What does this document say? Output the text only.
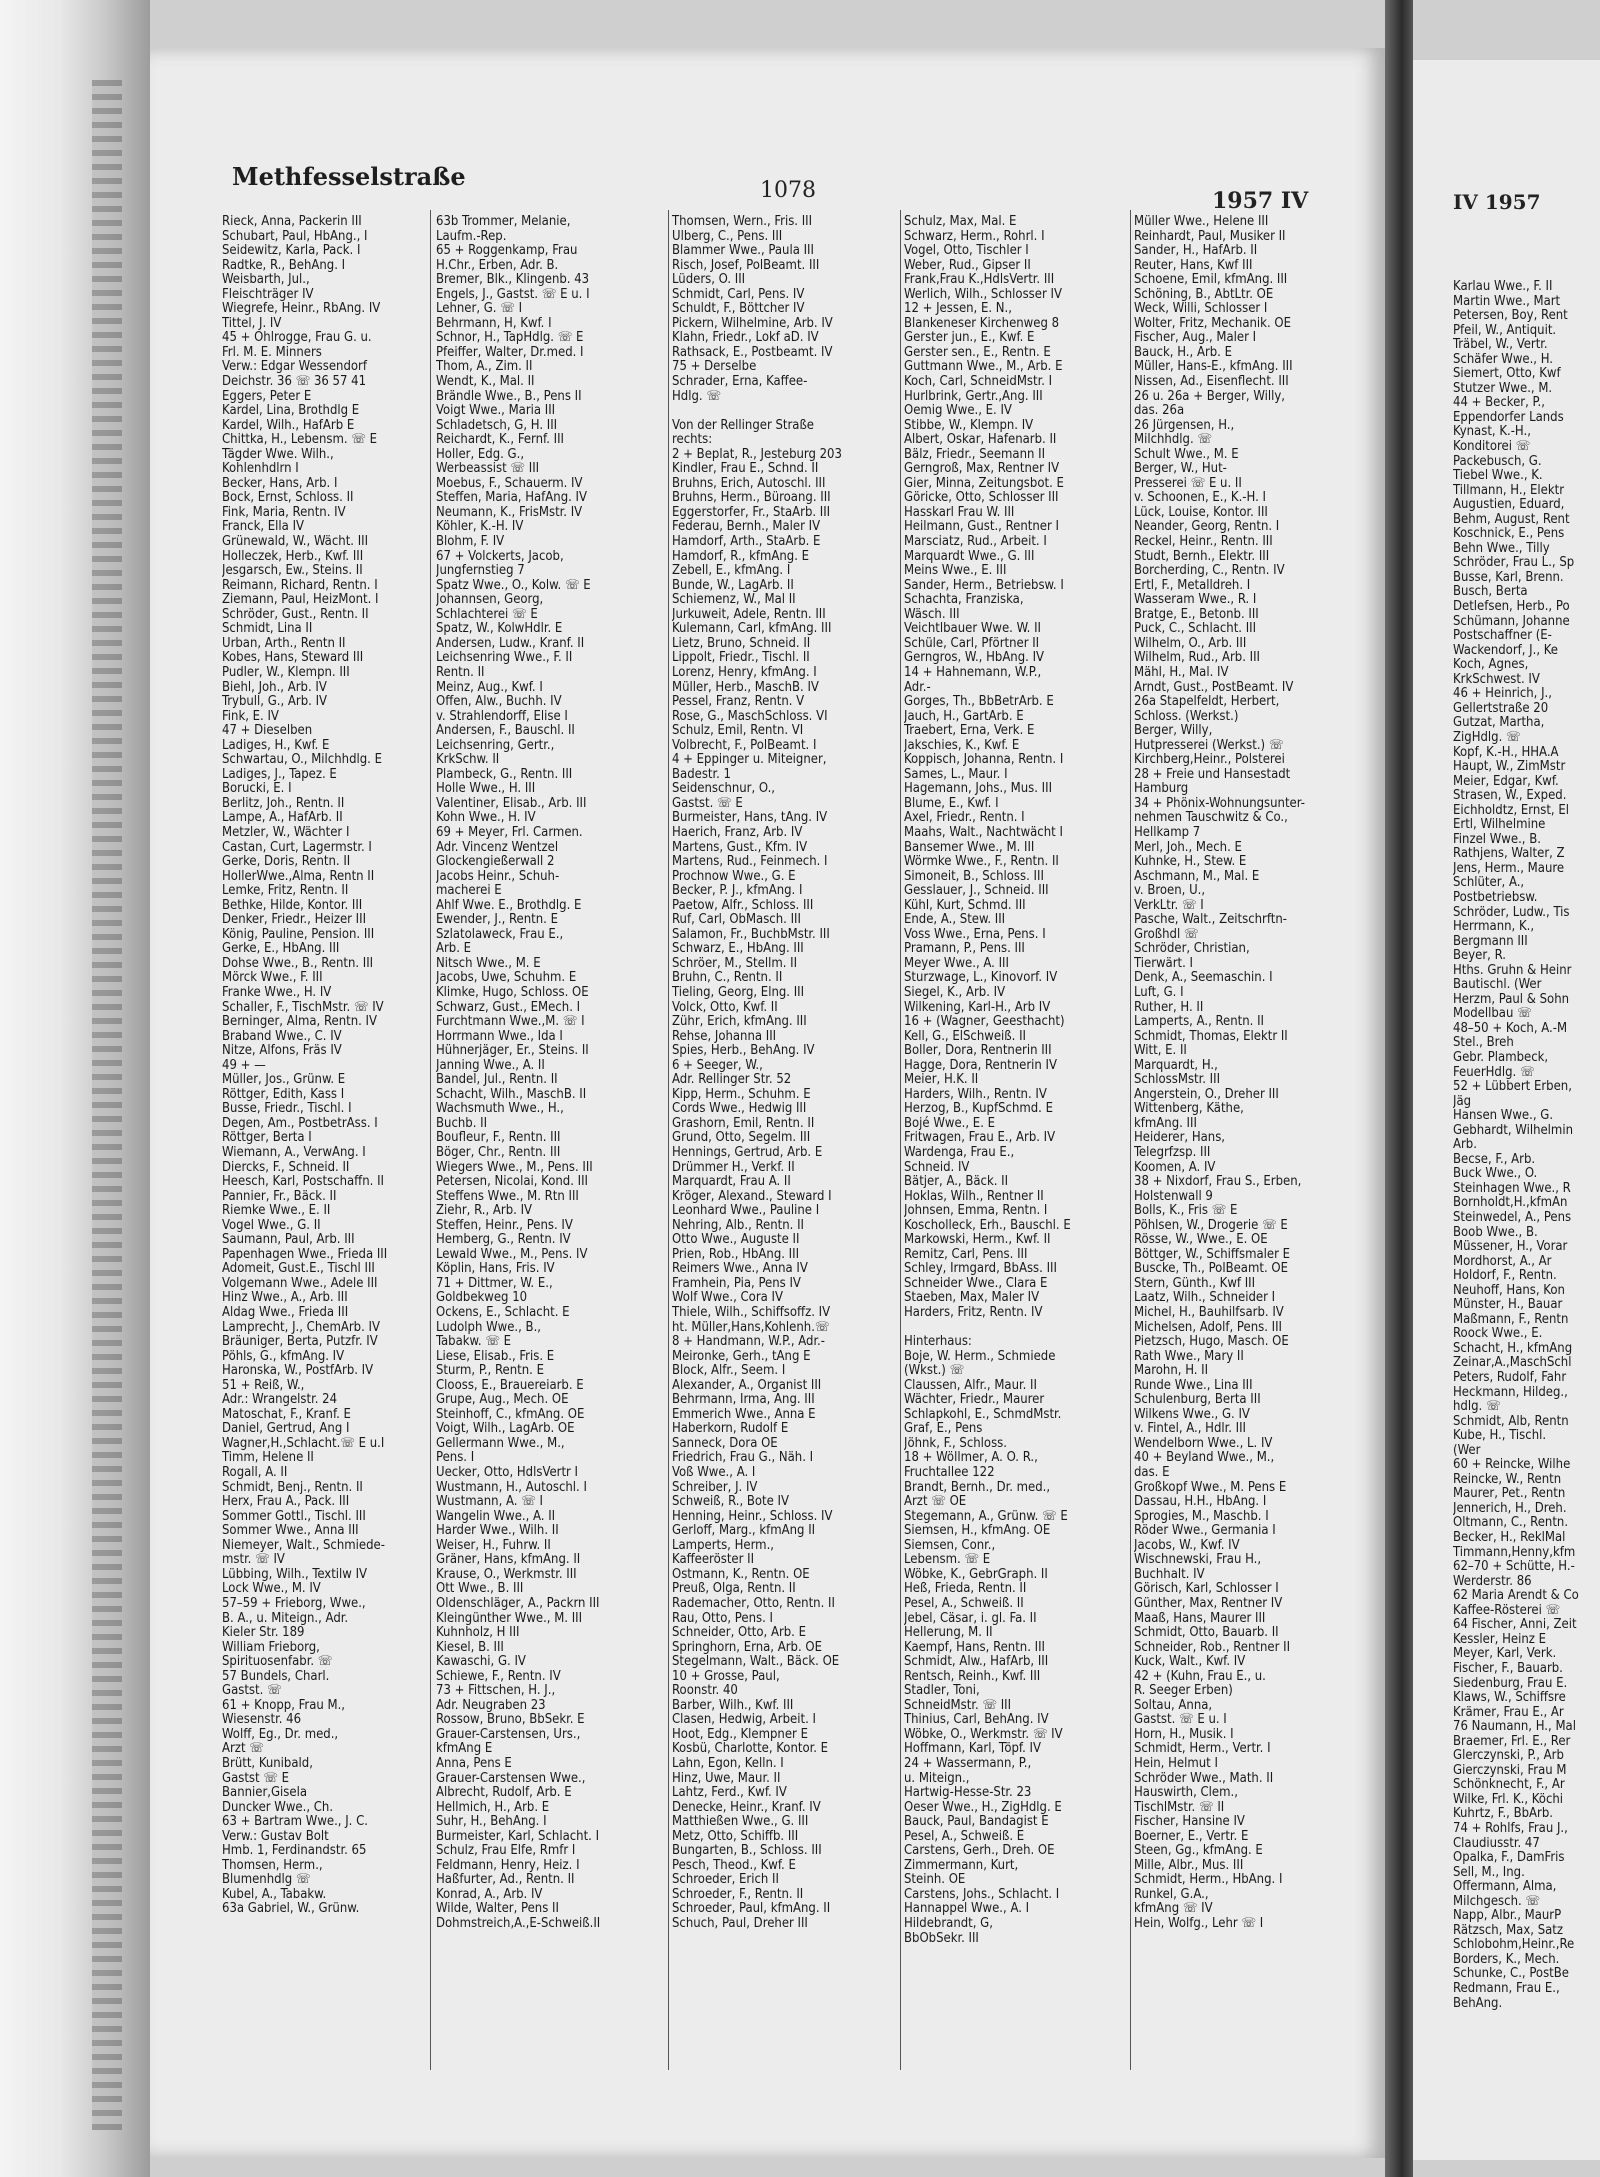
IV 1957
Karlau Wwe., F. II
Martin Wwe., Mart
Petersen, Boy, Rent
Pfeil, W., Antiquit.
Träbel, W., Vertr.
Schäfer Wwe., H.
Siemert, Otto, Kwf
Stutzer Wwe., M.
44 + Becker, P.,
Eppendorfer Lands
Kynast, K.-H.,
Konditorei ☏
Packebusch, G.
Tiebel Wwe., K.
Tillmann, H., Elektr
Augustien, Eduard,
Behm, August, Rent
Koschnick, E., Pens
Behn Wwe., Tilly
Schröder, Frau L., Sp
Busse, Karl, Brenn.
Busch, Berta
Detlefsen, Herb., Po
Schümann, Johanne
Postschaffner (E-
Wackendorf, J., Ke
Koch, Agnes,
KrkSchwest. IV
46 + Heinrich, J.,
Gellertstraße 20
Gutzat, Martha,
ZigHdlg. ☏
Kopf, K.-H., HHA.A
Haupt, W., ZimMstr
Meier, Edgar, Kwf.
Strasen, W., Exped.
Eichholdtz, Ernst, El
Ertl, Wilhelmine
Finzel Wwe., B.
Rathjens, Walter, Z
Jens, Herm., Maure
Schlüter, A.,
Postbetriebsw.
Schröder, Ludw., Tis
Herrmann, K.,
Bergmann III
Beyer, R.
Hths. Gruhn & Heinr
Bautischl. (Wer
Herzm, Paul & Sohn
Modellbau ☏
48–50 + Koch, A.-M
Stel., Breh
Gebr. Plambeck,
FeuerHdlg. ☏
52 + Lübbert Erben,
Jäg
Hansen Wwe., G.
Gebhardt, Wilhelmin
Arb.
Becse, F., Arb.
Buck Wwe., O.
Steinhagen Wwe., R
Bornholdt,H.,kfmAn
Steinwedel, A., Pens
Boob Wwe., B.
Müssener, H., Vorar
Mordhorst, A., Ar
Holdorf, F., Rentn.
Neuhoff, Hans, Kon
Münster, H., Bauar
Maßmann, F., Rentn
Roock Wwe., E.
Schacht, H., kfmAng
Zeinar,A.,MaschSchl
Peters, Rudolf, Fahr
Heckmann, Hildeg.,
hdlg. ☏
Schmidt, Alb, Rentn
Kube, H., Tischl.
(Wer
60 + Reincke, Wilhe
Reincke, W., Rentn
Maurer, Pet., Rentn
Jennerich, H., Dreh.
Oltmann, C., Rentn.
Becker, H., ReklMal
Timmann,Henny,kfm
62–70 + Schütte, H.-
Werderstr. 86
62 Maria Arendt & Co
Kaffee-Rösterei ☏
64 Fischer, Anni, Zeit
Kessler, Heinz E
Meyer, Karl, Verk.
Fischer, F., Bauarb.
Siedenburg, Frau E.
Klaws, W., Schiffsre
Krämer, Frau E., Ar
76 Naumann, H., Mal
Braemer, Frl. E., Rer
Glerczynski, P., Arb
Gierczynski, Frau M
Schönknecht, F., Ar
Wilke, Frl. K., Köchi
Kuhrtz, F., BbArb.
74 + Rohlfs, Frau J.,
Claudiusstr. 47
Opalka, F., DamFris
Sell, M., Ing.
Offermann, Alma,
Milchgesch. ☏
Napp, Albr., MaurP
Rätzsch, Max, Satz
Schlobohm,Heinr.,Re
Borders, K., Mech.
Schunke, C., PostBe
Redmann, Frau E.,
BehAng.
Methfesselstraße	1078	1957 IV
Rieck, Anna, Packerin III
Schubart, Paul, HbAng., I
Seidewitz, Karla, Pack. I
Radtke, R., BehAng. I
Weisbarth, Jul.,
Fleischträger IV
Wiegrefe, Heinr., RbAng. IV
Tittel, J. IV
45 + Ohlrogge, Frau G. u.
Frl. M. E. Minners
Verw.: Edgar Wessendorf
Deichstr. 36 ☏ 36 57 41
Eggers, Peter E
Kardel, Lina, Brothdlg E
Kardel, Wilh., HafArb E
Chittka, H., Lebensm. ☏ E
Tägder Wwe. Wilh.,
Kohlenhdlrn I
Becker, Hans, Arb. I
Bock, Ernst, Schloss. II
Fink, Maria, Rentn. IV
Franck, Ella IV
Grünewald, W., Wächt. III
Holleczek, Herb., Kwf. III
Jesgarsch, Ew., Steins. II
Reimann, Richard, Rentn. I
Ziemann, Paul, HeizMont. I
Schröder, Gust., Rentn. II
Schmidt, Lina II
Urban, Arth., Rentn II
Kobes, Hans, Steward III
Pudler, W., Klempn. III
Biehl, Joh., Arb. IV
Trybull, G., Arb. IV
Fink, E. IV
47 + Dieselben
Ladiges, H., Kwf. E
Schwartau, O., Milchhdlg. E
Ladiges, J., Tapez. E
Borucki, E. I
Berlitz, Joh., Rentn. II
Lampe, A., HafArb. II
Metzler, W., Wächter I
Castan, Curt, Lagermstr. I
Gerke, Doris, Rentn. II
HollerWwe.,Alma, Rentn II
Lemke, Fritz, Rentn. II
Bethke, Hilde, Kontor. III
Denker, Friedr., Heizer III
König, Pauline, Pension. III
Gerke, E., HbAng. III
Dohse Wwe., B., Rentn. III
Mörck Wwe., F. III
Franke Wwe., H. IV
Schaller, F., TischMstr. ☏ IV
Berninger, Alma, Rentn. IV
Braband Wwe., C. IV
Nitze, Alfons, Fräs IV
49 + —
Müller, Jos., Grünw. E
Röttger, Edith, Kass I
Busse, Friedr., Tischl. I
Degen, Am., PostbetrAss. I
Röttger, Berta I
Wiemann, A., VerwAng. I
Diercks, F., Schneid. II
Heesch, Karl, Postschaffn. II
Pannier, Fr., Bäck. II
Riemke Wwe., E. II
Vogel Wwe., G. II
Saumann, Paul, Arb. III
Papenhagen Wwe., Frieda III
Adomeit, Gust.E., Tischl III
Volgemann Wwe., Adele III
Hinz Wwe., A., Arb. III
Aldag Wwe., Frieda III
Lamprecht, J., ChemArb. IV
Bräuniger, Berta, Putzfr. IV
Pöhls, G., kfmAng. IV
Haronska, W., PostfArb. IV
51 + Reiß, W.,
Adr.: Wrangelstr. 24
Matoschat, F., Kranf. E
Daniel, Gertrud, Ang I
Wagner,H.,Schlacht.☏ E u.I
Timm, Helene II
Rogall, A. II
Schmidt, Benj., Rentn. II
Herx, Frau A., Pack. III
Sommer Gottl., Tischl. III
Sommer Wwe., Anna III
Niemeyer, Walt., Schmiede-
mstr. ☏ IV
Lübbing, Wilh., Textilw IV
Lock Wwe., M. IV
57–59 + Frieborg, Wwe.,
B. A., u. Miteign., Adr.
Kieler Str. 189
William Frieborg,
Spirituosenfabr. ☏
57 Bundels, Charl.
Gastst. ☏
61 + Knopp, Frau M.,
Wiesenstr. 46
Wolff, Eg., Dr. med.,
Arzt ☏
Brütt, Kunibald,
Gastst ☏ E
Bannier,Gisela
Duncker Wwe., Ch.
63 + Bartram Wwe., J. C.
Verw.: Gustav Bolt
Hmb. 1, Ferdinandstr. 65
Thomsen, Herm.,
Blumenhdlg ☏
Kubel, A., Tabakw.
63a Gabriel, W., Grünw.
63b Trommer, Melanie,
Laufm.-Rep.
65 + Roggenkamp, Frau
H.Chr., Erben, Adr. B.
Bremer, Blk., Klingenb. 43
Engels, J., Gastst. ☏ E u. I
Lehner, G. ☏ I
Behrmann, H, Kwf. I
Schnor, H., TapHdlg. ☏ E
Pfeiffer, Walter, Dr.med. I
Thom, A., Zim. II
Wendt, K., Mal. II
Brändle Wwe., B., Pens II
Voigt Wwe., Maria III
Schladetsch, G, H. III
Reichardt, K., Fernf. III
Holler, Edg. G.,
Werbeassist ☏ III
Moebus, F., Schauerm. IV
Steffen, Maria, HafAng. IV
Neumann, K., FrisMstr. IV
Köhler, K.-H. IV
Blohm, F. IV
67 + Volckerts, Jacob,
Jungfernstieg 7
Spatz Wwe., O., Kolw. ☏ E
Johannsen, Georg,
Schlachterei ☏ E
Spatz, W., KolwHdlr. E
Andersen, Ludw., Kranf. II
Leichsenring Wwe., F. II
Rentn. II
Meinz, Aug., Kwf. I
Offen, Alw., Buchh. IV
v. Strahlendorff, Elise I
Andersen, F., Bauschl. II
Leichsenring, Gertr.,
KrkSchw. II
Plambeck, G., Rentn. III
Holle Wwe., H. III
Valentiner, Elisab., Arb. III
Kohn Wwe., H. IV
69 + Meyer, Frl. Carmen.
Adr. Vincenz Wentzel
Glockengießerwall 2
Jacobs Heinr., Schuh-
macherei E
Ahlf Wwe. E., Brothdlg. E
Ewender, J., Rentn. E
Szlatolaweck, Frau E.,
Arb. E
Nitsch Wwe., M. E
Jacobs, Uwe, Schuhm. E
Klimke, Hugo, Schloss. OE
Schwarz, Gust., EMech. I
Furchtmann Wwe.,M. ☏ I
Horrmann Wwe., Ida I
Hühnerjäger, Er., Steins. II
Janning Wwe., A. II
Bandel, Jul., Rentn. II
Schacht, Wilh., MaschB. II
Wachsmuth Wwe., H.,
Buchb. II
Boufleur, F., Rentn. III
Böger, Chr., Rentn. III
Wiegers Wwe., M., Pens. III
Petersen, Nicolai, Kond. III
Steffens Wwe., M. Rtn III
Ziehr, R., Arb. IV
Steffen, Heinr., Pens. IV
Hemberg, G., Rentn. IV
Lewald Wwe., M., Pens. IV
Köplin, Hans, Fris. IV
71 + Dittmer, W. E.,
Goldbekweg 10
Ockens, E., Schlacht. E
Ludolph Wwe., B.,
Tabakw. ☏ E
Liese, Elisab., Fris. E
Sturm, P., Rentn. E
Clooss, E., Brauereiarb. E
Grupe, Aug., Mech. OE
Steinhoff, C., kfmAng. OE
Voigt, Wilh., LagArb. OE
Gellermann Wwe., M.,
Pens. I
Uecker, Otto, HdlsVertr I
Wustmann, H., Autoschl. I
Wustmann, A. ☏ I
Wangelin Wwe., A. II
Harder Wwe., Wilh. II
Weiser, H., Fuhrw. II
Gräner, Hans, kfmAng. II
Krause, O., Werkmstr. III
Ott Wwe., B. III
Oldenschläger, A., Packrn III
Kleingünther Wwe., M. III
Kuhnholz, H III
Kiesel, B. III
Kawaschi, G. IV
Schiewe, F., Rentn. IV
73 + Fittschen, H. J.,
Adr. Neugraben 23
Rossow, Bruno, BbSekr. E
Grauer-Carstensen, Urs.,
kfmAng E
Anna, Pens E
Grauer-Carstensen Wwe.,
Albrecht, Rudolf, Arb. E
Hellmich, H., Arb. E
Suhr, H., BehAng. I
Burmeister, Karl, Schlacht. I
Schulz, Frau Elfe, Rmfr I
Feldmann, Henry, Heiz. I
Haßfurter, Ad., Rentn. II
Konrad, A., Arb. IV
Wilde, Walter, Pens II
Dohmstreich,A.,E-Schweiß.II
Thomsen, Wern., Fris. III
Ulberg, C., Pens. III
Blammer Wwe., Paula III
Risch, Josef, PolBeamt. III
Lüders, O. III
Schmidt, Carl, Pens. IV
Schuldt, F., Böttcher IV
Pickern, Wilhelmine, Arb. IV
Klahn, Friedr., Lokf aD. IV
Rathsack, E., Postbeamt. IV
75 + Derselbe
Schrader, Erna, Kaffee-
Hdlg. ☏
Von der Rellinger Straße
rechts:
2 + Beplat, R., Jesteburg 203
Kindler, Frau E., Schnd. II
Bruhns, Erich, Autoschl. III
Bruhns, Herm., Büroang. III
Eggerstorfer, Fr., StaArb. III
Federau, Bernh., Maler IV
Hamdorf, Arth., StaArb. E
Hamdorf, R., kfmAng. E
Zebell, E., kfmAng. I
Bunde, W., LagArb. II
Schiemenz, W., Mal II
Jurkuweit, Adele, Rentn. III
Kulemann, Carl, kfmAng. III
Lietz, Bruno, Schneid. II
Lippolt, Friedr., Tischl. II
Lorenz, Henry, kfmAng. I
Müller, Herb., MaschB. IV
Pessel, Franz, Rentn. V
Rose, G., MaschSchloss. VI
Schulz, Emil, Rentn. VI
Volbrecht, F., PolBeamt. I
4 + Eppinger u. Miteigner,
Badestr. 1
Seidenschnur, O.,
Gastst. ☏ E
Burmeister, Hans, tAng. IV
Haerich, Franz, Arb. IV
Martens, Gust., Kfm. IV
Martens, Rud., Feinmech. I
Prochnow Wwe., G. E
Becker, P. J., kfmAng. I
Paetow, Alfr., Schloss. III
Ruf, Carl, ObMasch. III
Salamon, Fr., BuchbMstr. III
Schwarz, E., HbAng. III
Schröer, M., Stellm. II
Bruhn, C., Rentn. II
Tieling, Georg, Elng. III
Volck, Otto, Kwf. II
Zühr, Erich, kfmAng. III
Rehse, Johanna III
Spies, Herb., BehAng. IV
6 + Seeger, W.,
Adr. Rellinger Str. 52
Kipp, Herm., Schuhm. E
Cords Wwe., Hedwig III
Grashorn, Emil, Rentn. II
Grund, Otto, Segelm. III
Hennings, Gertrud, Arb. E
Drümmer H., Verkf. II
Marquardt, Frau A. II
Kröger, Alexand., Steward I
Leonhard Wwe., Pauline I
Nehring, Alb., Rentn. II
Otto Wwe., Auguste II
Prien, Rob., HbAng. III
Reimers Wwe., Anna IV
Framhein, Pia, Pens IV
Wolf Wwe., Cora IV
Thiele, Wilh., Schiffsoffz. IV
ht. Müller,Hans,Kohlenh.☏
8 + Handmann, W.P., Adr.-
Meironke, Gerh., tAng E
Block, Alfr., Seem. I
Alexander, A., Organist III
Behrmann, Irma, Ang. III
Emmerich Wwe., Anna E
Haberkorn, Rudolf E
Sanneck, Dora OE
Friedrich, Frau G., Näh. I
Voß Wwe., A. I
Schreiber, J. IV
Schweiß, R., Bote IV
Henning, Heinr., Schloss. IV
Gerloff, Marg., kfmAng II
Lamperts, Herm.,
Kaffeeröster II
Ostmann, K., Rentn. OE
Preuß, Olga, Rentn. II
Rademacher, Otto, Rentn. II
Rau, Otto, Pens. I
Schneider, Otto, Arb. E
Springhorn, Erna, Arb. OE
Stegelmann, Walt., Bäck. OE
10 + Grosse, Paul,
Roonstr. 40
Barber, Wilh., Kwf. III
Clasen, Hedwig, Arbeit. I
Hoot, Edg., Klempner E
Kosbü, Charlotte, Kontor. E
Lahn, Egon, Kelln. I
Hinz, Uwe, Maur. II
Lahtz, Ferd., Kwf. IV
Denecke, Heinr., Kranf. IV
Matthießen Wwe., G. III
Metz, Otto, Schiffb. III
Bungarten, B., Schloss. III
Pesch, Theod., Kwf. E
Schroeder, Erich II
Schroeder, F., Rentn. II
Schroeder, Paul, kfmAng. II
Schuch, Paul, Dreher III
Schulz, Max, Mal. E
Schwarz, Herm., Rohrl. I
Vogel, Otto, Tischler I
Weber, Rud., Gipser II
Frank,Frau K.,HdlsVertr. III
Werlich, Wilh., Schlosser IV
12 + Jessen, E. N.,
Blankeneser Kirchenweg 8
Gerster jun., E., Kwf. E
Gerster sen., E., Rentn. E
Guttmann Wwe., M., Arb. E
Koch, Carl, SchneidMstr. I
Hurlbrink, Gertr.,Ang. III
Oemig Wwe., E. IV
Stibbe, W., Klempn. IV
Albert, Oskar, Hafenarb. II
Bälz, Friedr., Seemann II
Gerngroß, Max, Rentner IV
Gier, Minna, Zeitungsbot. E
Göricke, Otto, Schlosser III
Hasskarl Frau W. III
Heilmann, Gust., Rentner I
Marsciatz, Rud., Arbeit. I
Marquardt Wwe., G. III
Meins Wwe., E. III
Sander, Herm., Betriebsw. I
Schachta, Franziska,
Wäsch. III
Veichtlbauer Wwe. W. II
Schüle, Carl, Pförtner II
Gerngros, W., HbAng. IV
14 + Hahnemann, W.P.,
Adr.-
Gorges, Th., BbBetrArb. E
Jauch, H., GartArb. E
Traebert, Erna, Verk. E
Jakschies, K., Kwf. E
Koppisch, Johanna, Rentn. I
Sames, L., Maur. I
Hagemann, Johs., Mus. III
Blume, E., Kwf. I
Axel, Friedr., Rentn. I
Maahs, Walt., Nachtwächt I
Bansemer Wwe., M. III
Wörmke Wwe., F., Rentn. II
Simoneit, B., Schloss. III
Gesslauer, J., Schneid. III
Kühl, Kurt, Schmd. III
Ende, A., Stew. III
Voss Wwe., Erna, Pens. I
Pramann, P., Pens. III
Meyer Wwe., A. III
Sturzwage, L., Kinovorf. IV
Siegel, K., Arb. IV
Wilkening, Karl-H., Arb IV
16 + (Wagner, Geesthacht)
Kell, G., ElSchweiß. II
Boller, Dora, Rentnerin III
Hagge, Dora, Rentnerin IV
Meier, H.K. II
Harders, Wilh., Rentn. IV
Herzog, B., KupfSchmd. E
Bojé Wwe., E. E
Fritwagen, Frau E., Arb. IV
Wardenga, Frau E.,
Schneid. IV
Bätjer, A., Bäck. II
Hoklas, Wilh., Rentner II
Johnsen, Emma, Rentn. I
Koscholleck, Erh., Bauschl. E
Markowski, Herm., Kwf. II
Remitz, Carl, Pens. III
Schley, Irmgard, BbAss. III
Schneider Wwe., Clara E
Staeben, Max, Maler IV
Harders, Fritz, Rentn. IV
Hinterhaus:
Boje, W. Herm., Schmiede
(Wkst.) ☏
Claussen, Alfr., Maur. II
Wächter, Friedr., Maurer
Schlapkohl, E., SchmdMstr.
Graf, E., Pens
Jöhnk, F., Schloss.
18 + Wöllmer, A. O. R.,
Fruchtallee 122
Brandt, Bernh., Dr. med.,
Arzt ☏ OE
Stegemann, A., Grünw. ☏ E
Siemsen, H., kfmAng. OE
Siemsen, Conr.,
Lebensm. ☏ E
Wöbke, K., GebrGraph. II
Heß, Frieda, Rentn. II
Pesel, A., Schweiß. II
Jebel, Cäsar, i. gl. Fa. II
Hellerung, M. II
Kaempf, Hans, Rentn. III
Schmidt, Alw., HafArb, III
Rentsch, Reinh., Kwf. III
Stadler, Toni,
SchneidMstr. ☏ III
Thinius, Carl, BehAng. IV
Wöbke, O., Werkmstr. ☏ IV
Hoffmann, Karl, Töpf. IV
24 + Wassermann, P.,
u. Miteign.,
Hartwig-Hesse-Str. 23
Oeser Wwe., H., ZigHdlg. E
Bauck, Paul, Bandagist E
Pesel, A., Schweiß. E
Carstens, Gerh., Dreh. OE
Zimmermann, Kurt,
Steinh. OE
Carstens, Johs., Schlacht. I
Hannappel Wwe., A. I
Hildebrandt, G,
BbObSekr. III
Müller Wwe., Helene III
Reinhardt, Paul, Musiker II
Sander, H., HafArb. II
Reuter, Hans, Kwf III
Schoene, Emil, kfmAng. III
Schöning, B., AbtLtr. OE
Weck, Willi, Schlosser I
Wolter, Fritz, Mechanik. OE
Fischer, Aug., Maler I
Bauck, H., Arb. E
Müller, Hans-E., kfmAng. III
Nissen, Ad., Eisenflecht. III
26 u. 26a + Berger, Willy,
das. 26a
26 Jürgensen, H.,
Milchhdlg. ☏
Schult Wwe., M. E
Berger, W., Hut-
Presserei ☏ E u. II
v. Schoonen, E., K.-H. I
Lück, Louise, Kontor. III
Neander, Georg, Rentn. I
Reckel, Heinr., Rentn. III
Studt, Bernh., Elektr. III
Borcherding, C., Rentn. IV
Ertl, F., Metalldreh. I
Wasseram Wwe., R. I
Bratge, E., Betonb. III
Puck, C., Schlacht. III
Wilhelm, O., Arb. III
Wilhelm, Rud., Arb. III
Mähl, H., Mal. IV
Arndt, Gust., PostBeamt. IV
26a Stapelfeldt, Herbert,
Schloss. (Werkst.)
Berger, Willy,
Hutpresserei (Werkst.) ☏
Kirchberg,Heinr., Polsterei
28 + Freie und Hansestadt
Hamburg
34 + Phönix-Wohnungsunter-
nehmen Tauschwitz & Co.,
Hellkamp 7
Merl, Joh., Mech. E
Kuhnke, H., Stew. E
Aschmann, M., Mal. E
v. Broen, U.,
VerkLtr. ☏ I
Pasche, Walt., Zeitschrftn-
Großhdl ☏
Schröder, Christian,
Tierwärt. I
Denk, A., Seemaschin. I
Luft, G. I
Ruther, H. II
Lamperts, A., Rentn. II
Schmidt, Thomas, Elektr II
Witt, E. II
Marquardt, H.,
SchlossMstr. III
Angerstein, O., Dreher III
Wittenberg, Käthe,
kfmAng. III
Heiderer, Hans,
Telegrfzsp. III
Koomen, A. IV
38 + Nixdorf, Frau S., Erben,
Holstenwall 9
Bolls, K., Fris ☏ E
Pöhlsen, W., Drogerie ☏ E
Rösse, W., Wwe., E. OE
Böttger, W., Schiffsmaler E
Buscke, Th., PolBeamt. OE
Stern, Günth., Kwf III
Laatz, Wilh., Schneider I
Michel, H., Bauhilfsarb. IV
Michelsen, Adolf, Pens. III
Pietzsch, Hugo, Masch. OE
Rath Wwe., Mary II
Marohn, H. II
Runde Wwe., Lina III
Schulenburg, Berta III
Wilkens Wwe., G. IV
v. Fintel, A., Hdlr. III
Wendelborn Wwe., L. IV
40 + Beyland Wwe., M.,
das. E
Großkopf Wwe., M. Pens E
Dassau, H.H., HbAng. I
Sprogies, M., Maschb. I
Röder Wwe., Germania I
Jacobs, W., Kwf. IV
Wischnewski, Frau H.,
Buchhalt. IV
Görisch, Karl, Schlosser I
Günther, Max, Rentner IV
Maaß, Hans, Maurer III
Schmidt, Otto, Bauarb. II
Schneider, Rob., Rentner II
Kuck, Walt., Kwf. IV
42 + (Kuhn, Frau E., u.
R. Seeger Erben)
Soltau, Anna,
Gastst. ☏ E u. I
Horn, H., Musik. I
Schmidt, Herm., Vertr. I
Hein, Helmut I
Schröder Wwe., Math. II
Hauswirth, Clem.,
TischlMstr. ☏ II
Fischer, Hansine IV
Boerner, E., Vertr. E
Steen, Gg., kfmAng. E
Mille, Albr., Mus. III
Schmidt, Herm., HbAng. I
Runkel, G.A.,
kfmAng ☏ IV
Hein, Wolfg., Lehr ☏ I
